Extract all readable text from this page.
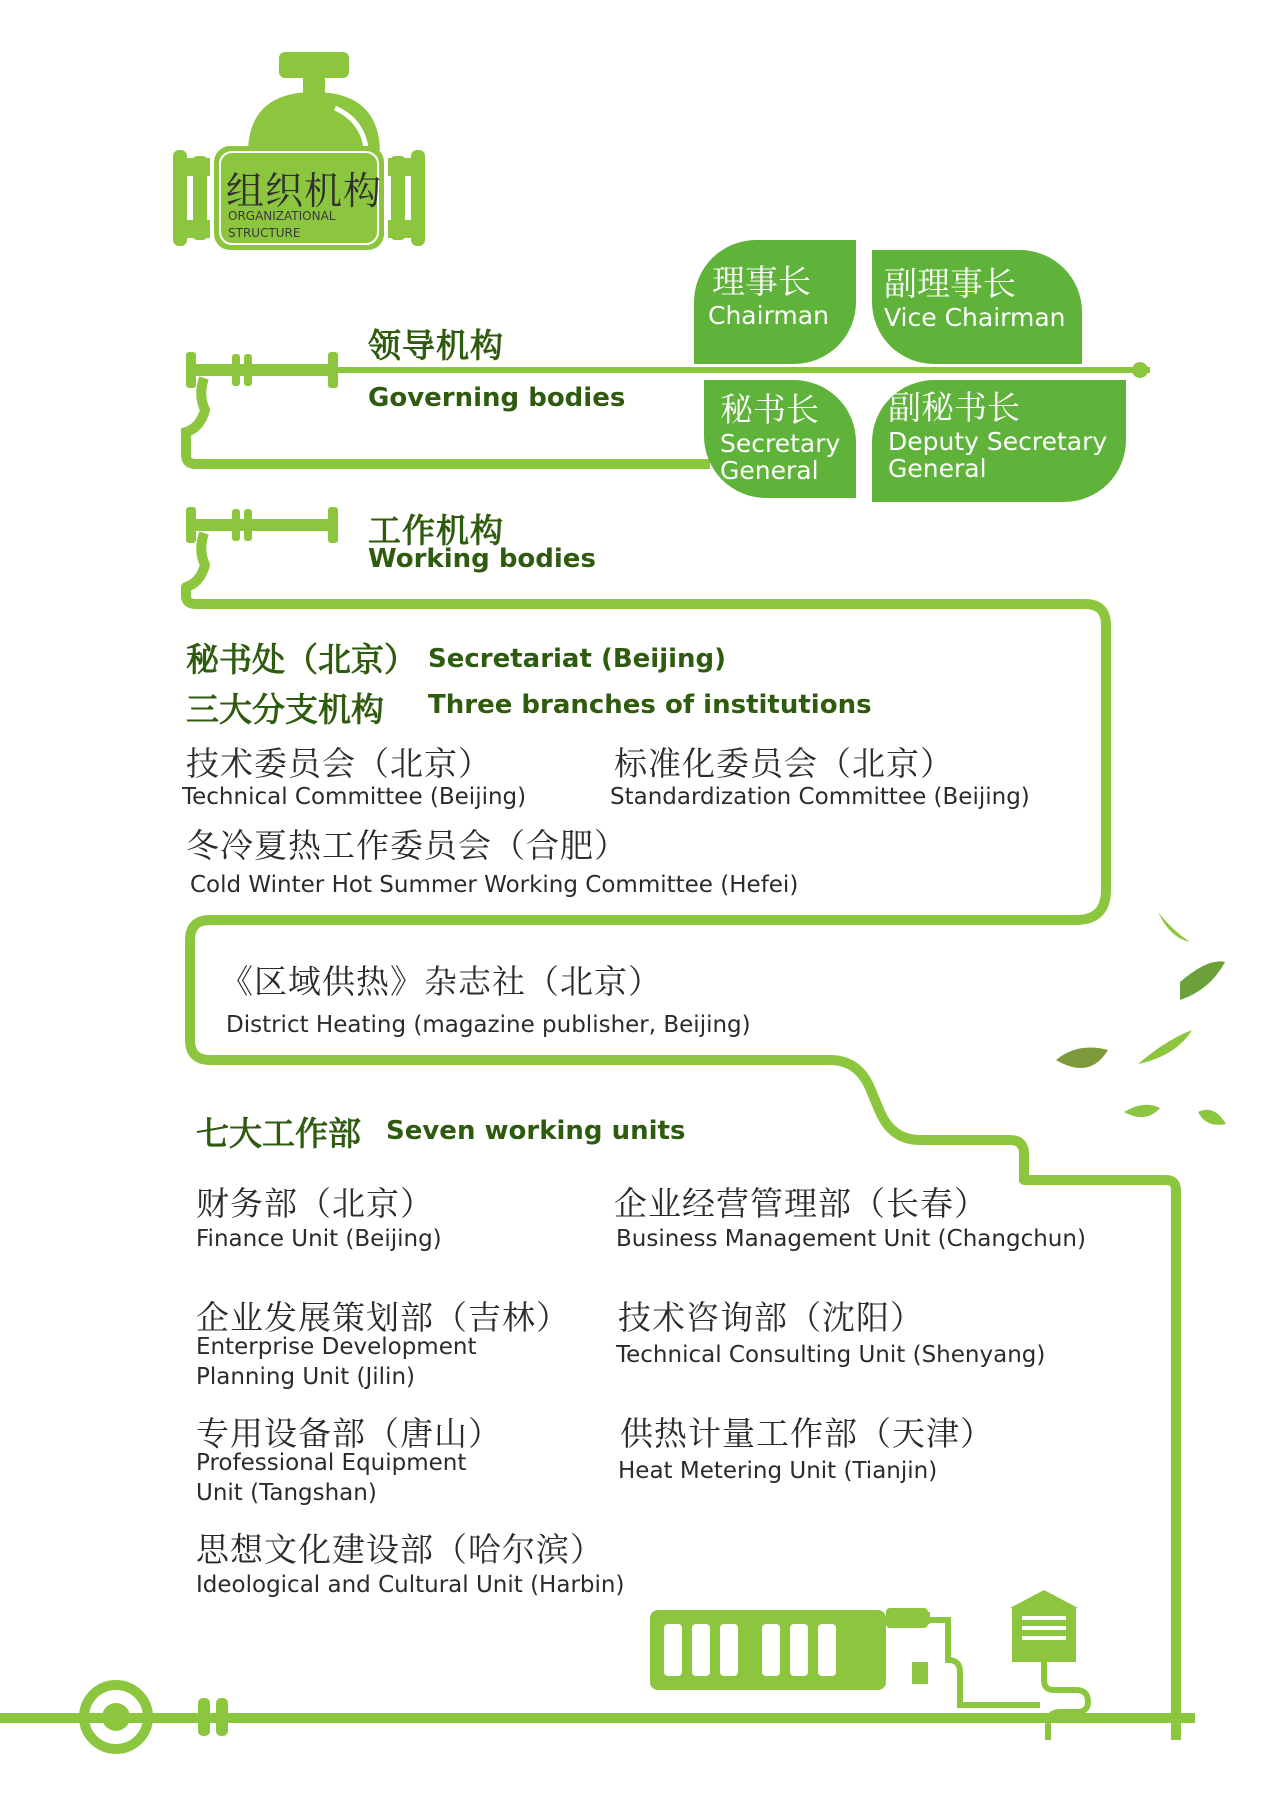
组织机构
ORGANIZATIONAL STRUCTURE
领导机构
Governing bodies
理事长
Chairman
副理事长
Vice Chairman
秘书长
Secretary
General
副秘书长
Deputy Secretary
General
工作机构
Working bodies
秘书处（北京） Secretariat (Beijing)
三大分支机构 Three branches of institutions
技术委员会（北京）
Technical Committee (Beijing)
标准化委员会（北京）
Standardization Committee (Beijing)
冬冷夏热工作委员会（合肥）
Cold Winter Hot Summer Working Committee (Hefei)
《区域供热》杂志社（北京）
District Heating (magazine publisher, Beijing)
七大工作部 Seven working units
财务部（北京）
Finance Unit (Beijing)
企业经营管理部（长春）
Business Management Unit (Changchun)
企业发展策划部（吉林）
Enterprise Development
Planning Unit (Jilin)
技术咨询部（沈阳）
Technical Consulting Unit (Shenyang)
专用设备部（唐山）
Professional Equipment
Unit (Tangshan)
供热计量工作部（天津）
Heat Metering Unit (Tianjin)
思想文化建设部（哈尔滨）
Ideological and Cultural Unit (Harbin)
